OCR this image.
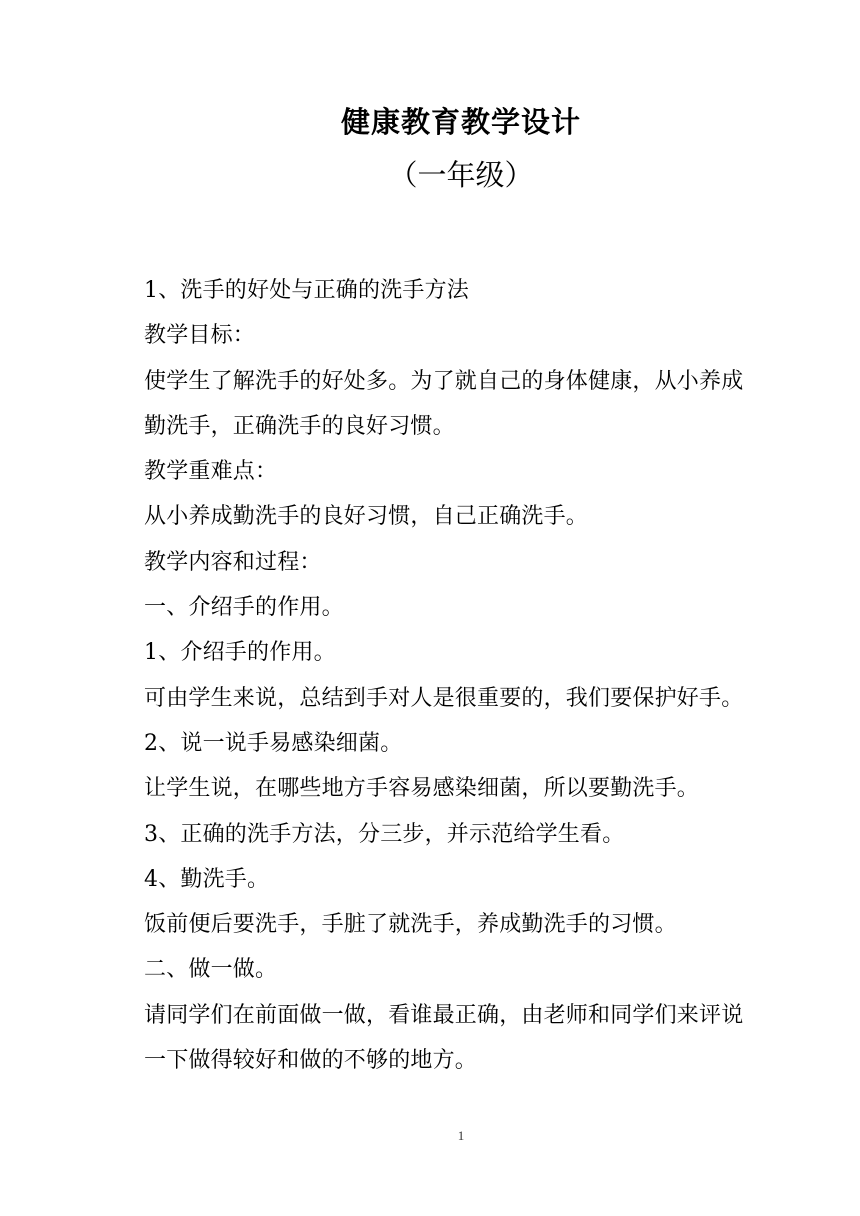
健康教育教学设计
（一年级）
1、洗手的好处与正确的洗手方法
教学目标：
使学生了解洗手的好处多。为了就自己的身体健康，从小养成
勤洗手，正确洗手的良好习惯。
教学重难点：
从小养成勤洗手的良好习惯，自己正确洗手。
教学内容和过程：
一、介绍手的作用。
1、介绍手的作用。
可由学生来说，总结到手对人是很重要的，我们要保护好手。
2、说一说手易感染细菌。
让学生说，在哪些地方手容易感染细菌，所以要勤洗手。
3、正确的洗手方法，分三步，并示范给学生看。
4、勤洗手。
饭前便后要洗手，手脏了就洗手，养成勤洗手的习惯。
二、做一做。
请同学们在前面做一做，看谁最正确，由老师和同学们来评说
一下做得较好和做的不够的地方。
1
